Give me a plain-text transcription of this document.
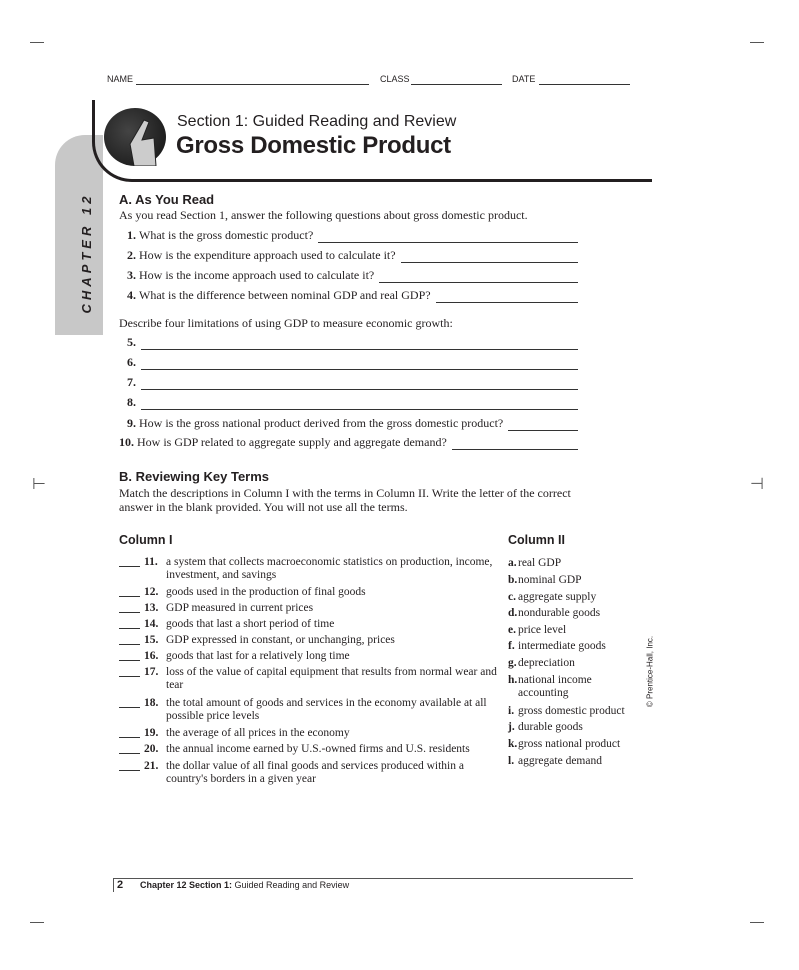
⊢	⊣
NAME	CLASS	DATE
CHAPTER 12
Section 1: Guided Reading and Review
Gross Domestic Product
A. As You Read
As you read Section 1, answer the following questions about gross domestic product.
1.
What is the gross domestic product?
2.
How is the expenditure approach used to calculate it?
3.
How is the income approach used to calculate it?
4.
What is the difference between nominal GDP and real GDP?
Describe four limitations of using GDP to measure economic growth:
5.
6.
7.
8.
9.
How is the gross national product derived from the gross domestic product?
10.
How is GDP related to aggregate supply and aggregate demand?
B. Reviewing Key Terms
Match the descriptions in Column I with the terms in Column II. Write the letter of the correct
answer in the blank provided. You will not use all the terms.
Column I	Column II
11. a system that collects macroeconomic statistics on production, income, investment, and savings
12. goods used in the production of final goods
13. GDP measured in current prices
14. goods that last a short period of time
15. GDP expressed in constant, or unchanging, prices
16. goods that last for a relatively long time
17. loss of the value of capital equipment that results from normal wear and tear
18. the total amount of goods and services in the economy available at all possible price levels
19. the average of all prices in the economy
20. the annual income earned by U.S.-owned firms and U.S. residents
21. the dollar value of all final goods and services produced within a country's borders in a given year
a. real GDP
b. nominal GDP
c. aggregate supply
d. nondurable goods
e. price level
f. intermediate goods
g. depreciation
h. national income accounting
i. gross domestic product
j. durable goods
k. gross national product
l. aggregate demand
© Prentice-Hall, Inc.
2	Chapter 12 Section 1: Guided Reading and Review
